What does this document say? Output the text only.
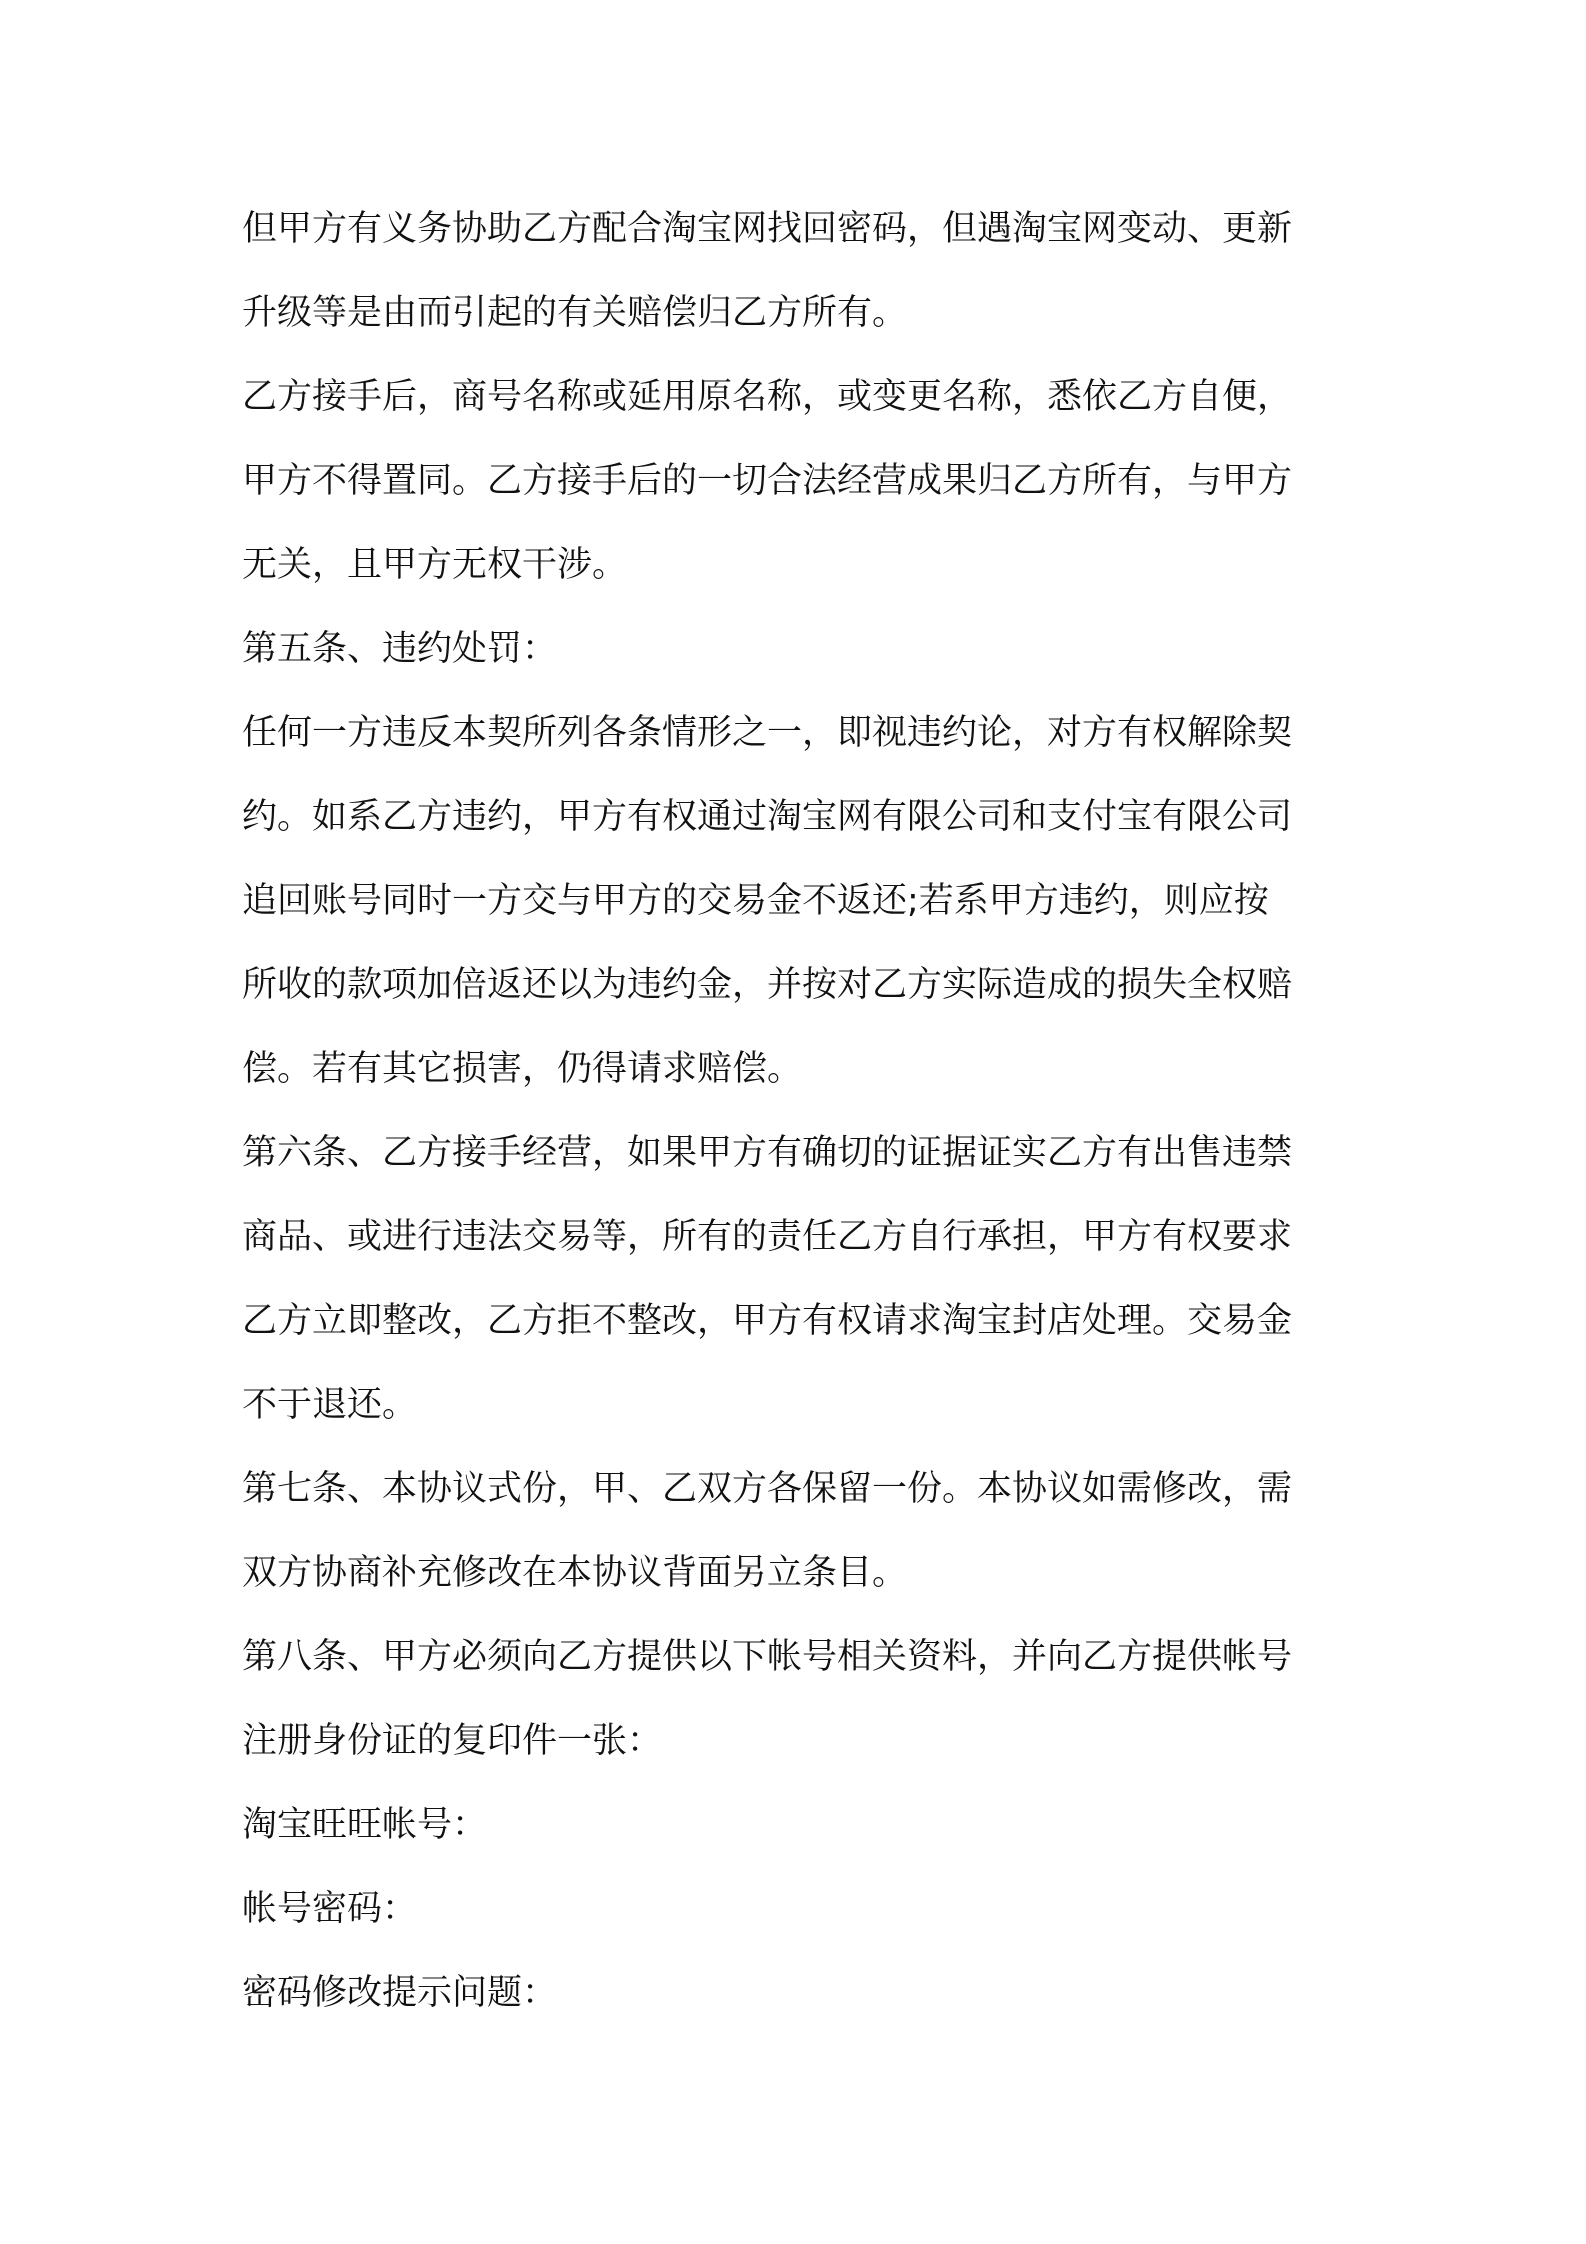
但甲方有义务协助乙方配合淘宝网找回密码，但遇淘宝网变动、更新

升级等是由而引起的有关赔偿归乙方所有。

乙方接手后，商号名称或延用原名称，或变更名称，悉依乙方自便，

甲方不得置同。乙方接手后的一切合法经营成果归乙方所有，与甲方

无关，且甲方无权干涉。

第五条、违约处罚：

任何一方违反本契所列各条情形之一，即视违约论，对方有权解除契

约。如系乙方违约，甲方有权通过淘宝网有限公司和支付宝有限公司

追回账号同时一方交与甲方的交易金不返还;若系甲方违约，则应按

所收的款项加倍返还以为违约金，并按对乙方实际造成的损失全权赔

偿。若有其它损害，仍得请求赔偿。

第六条、乙方接手经营，如果甲方有确切的证据证实乙方有出售违禁

商品、或进行违法交易等，所有的责任乙方自行承担，甲方有权要求

乙方立即整改，乙方拒不整改，甲方有权请求淘宝封店处理。交易金

不于退还。

第七条、本协议式份，甲、乙双方各保留一份。本协议如需修改，需

双方协商补充修改在本协议背面另立条目。

第八条、甲方必须向乙方提供以下帐号相关资料，并向乙方提供帐号

注册身份证的复印件一张：

淘宝旺旺帐号：

帐号密码：

密码修改提示问题：
